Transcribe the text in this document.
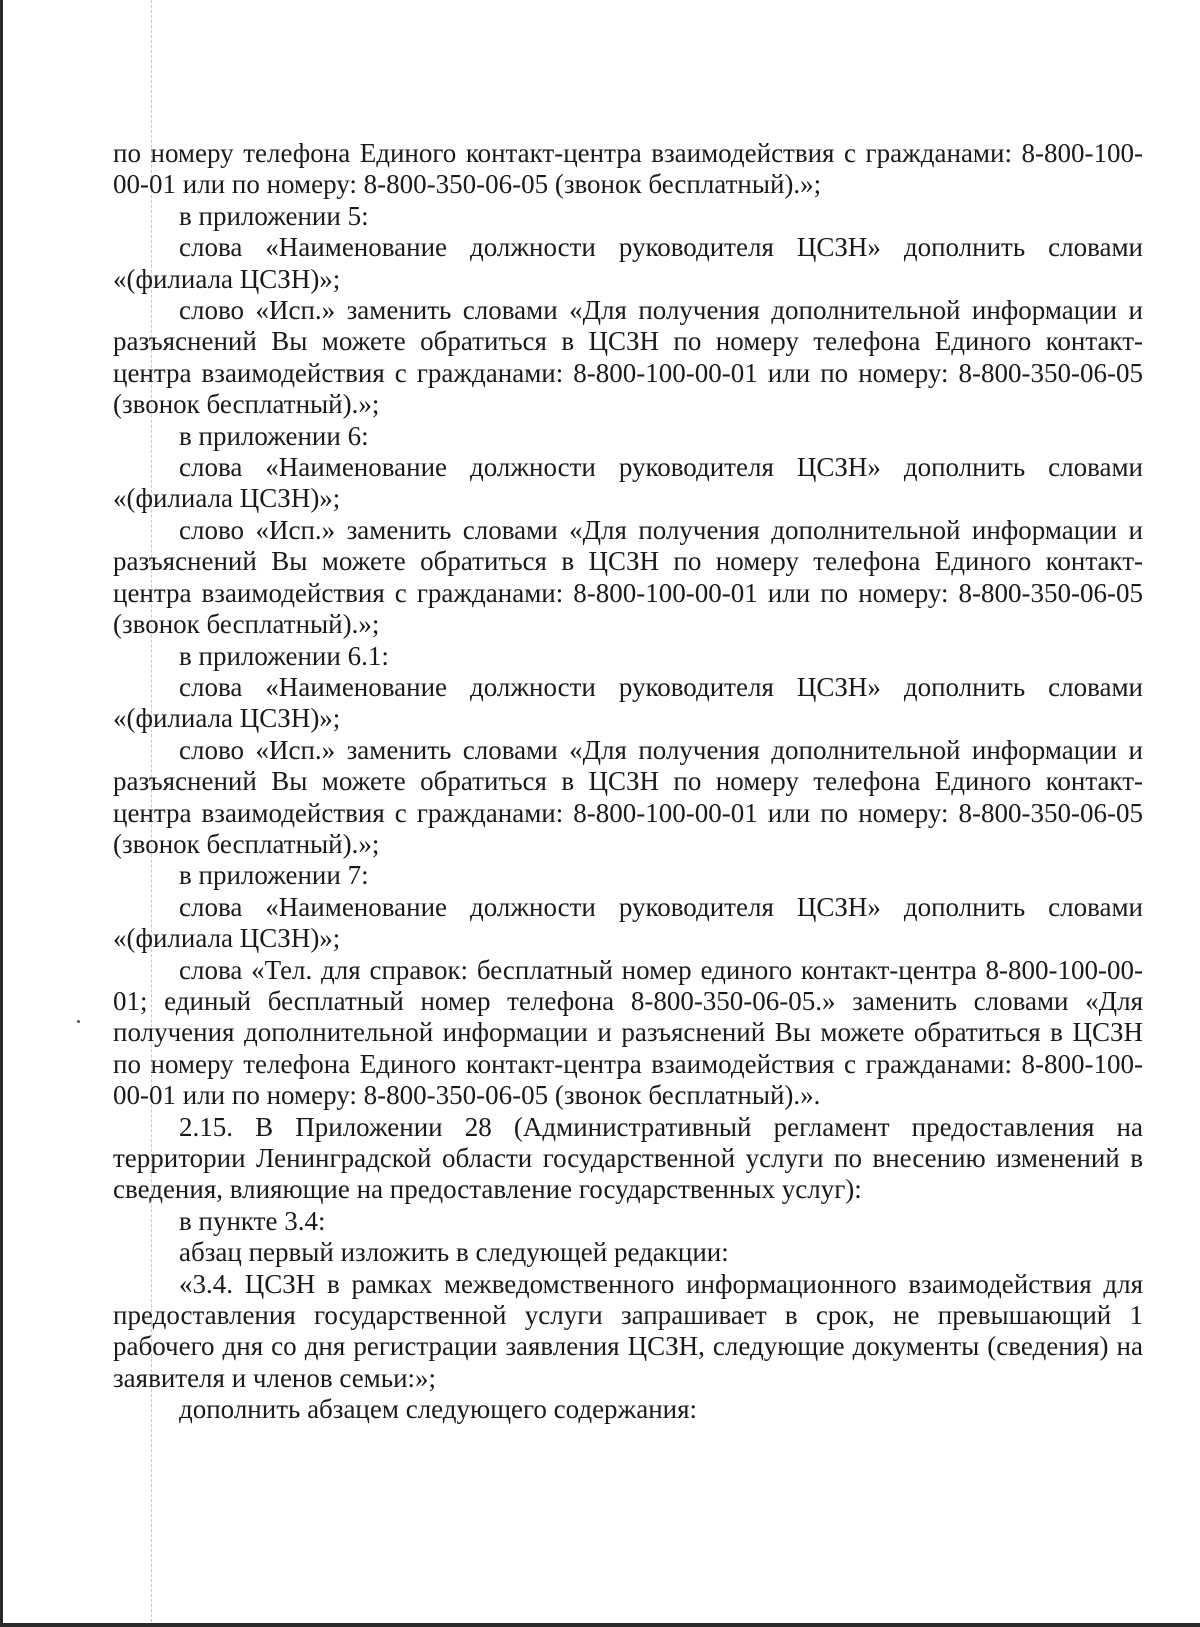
по номеру телефона Единого контакт-центра взаимодействия с гражданами: 8-800-100-00-01 или по номеру: 8-800-350-06-05 (звонок бесплатный).»;

в приложении 5:

слова «Наименование должности руководителя ЦСЗН» дополнить словами «(филиала ЦСЗН)»;

слово «Исп.» заменить словами «Для получения дополнительной информации и разъяснений Вы можете обратиться в ЦСЗН по номеру телефона Единого контакт-центра взаимодействия с гражданами: 8-800-100-00-01 или по номеру: 8-800-350-06-05 (звонок бесплатный).»;

в приложении 6:

слова «Наименование должности руководителя ЦСЗН» дополнить словами «(филиала ЦСЗН)»;

слово «Исп.» заменить словами «Для получения дополнительной информации и разъяснений Вы можете обратиться в ЦСЗН по номеру телефона Единого контакт-центра взаимодействия с гражданами: 8-800-100-00-01 или по номеру: 8-800-350-06-05 (звонок бесплатный).»;

в приложении 6.1:

слова «Наименование должности руководителя ЦСЗН» дополнить словами «(филиала ЦСЗН)»;

слово «Исп.» заменить словами «Для получения дополнительной информации и разъяснений Вы можете обратиться в ЦСЗН по номеру телефона Единого контакт-центра взаимодействия с гражданами: 8-800-100-00-01 или по номеру: 8-800-350-06-05 (звонок бесплатный).»;

в приложении 7:

слова «Наименование должности руководителя ЦСЗН» дополнить словами «(филиала ЦСЗН)»;

слова «Тел. для справок: бесплатный номер единого контакт-центра 8-800-100-00-01; единый бесплатный номер телефона 8-800-350-06-05.» заменить словами «Для получения дополнительной информации и разъяснений Вы можете обратиться в ЦСЗН по номеру телефона Единого контакт-центра взаимодействия с гражданами: 8-800-100-00-01 или по номеру: 8-800-350-06-05 (звонок бесплатный).».

2.15. В Приложении 28 (Административный регламент предоставления на территории Ленинградской области государственной услуги по внесению изменений в сведения, влияющие на предоставление государственных услуг):

в пункте 3.4:

абзац первый изложить в следующей редакции:

«3.4. ЦСЗН в рамках межведомственного информационного взаимодействия для предоставления государственной услуги запрашивает в срок, не превышающий 1 рабочего дня со дня регистрации заявления ЦСЗН, следующие документы (сведения) на заявителя и членов семьи:»;

дополнить абзацем следующего содержания:
